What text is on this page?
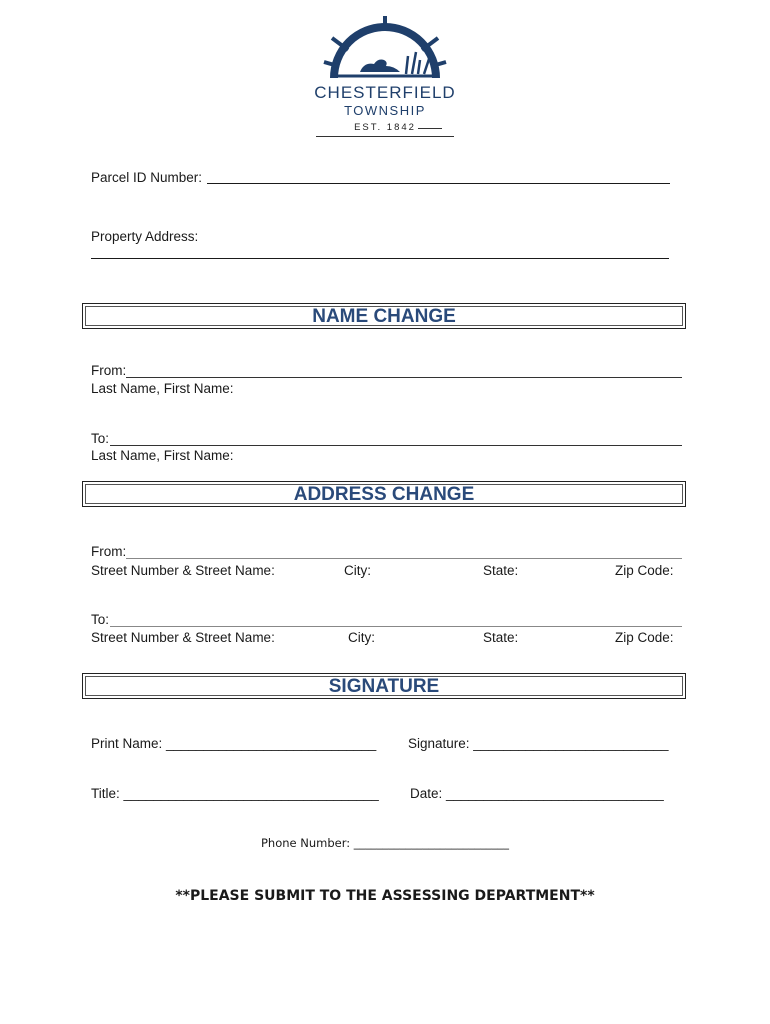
CHESTERFIELD
TOWNSHIP
EST. 1842
Parcel ID Number:
Property Address:
NAME CHANGE
From:
Last Name, First Name:
To:
Last Name, First Name:
ADDRESS CHANGE
From:
Street Number & Street Name:	City:	State:	Zip Code:
To:
Street Number & Street Name:	City:	State:	Zip Code:
SIGNATURE
Print Name: ____________________________ Signature: __________________________
Title: __________________________________ Date: _____________________________
Phone Number: ___________________________
**PLEASE SUBMIT TO THE ASSESSING DEPARTMENT**
